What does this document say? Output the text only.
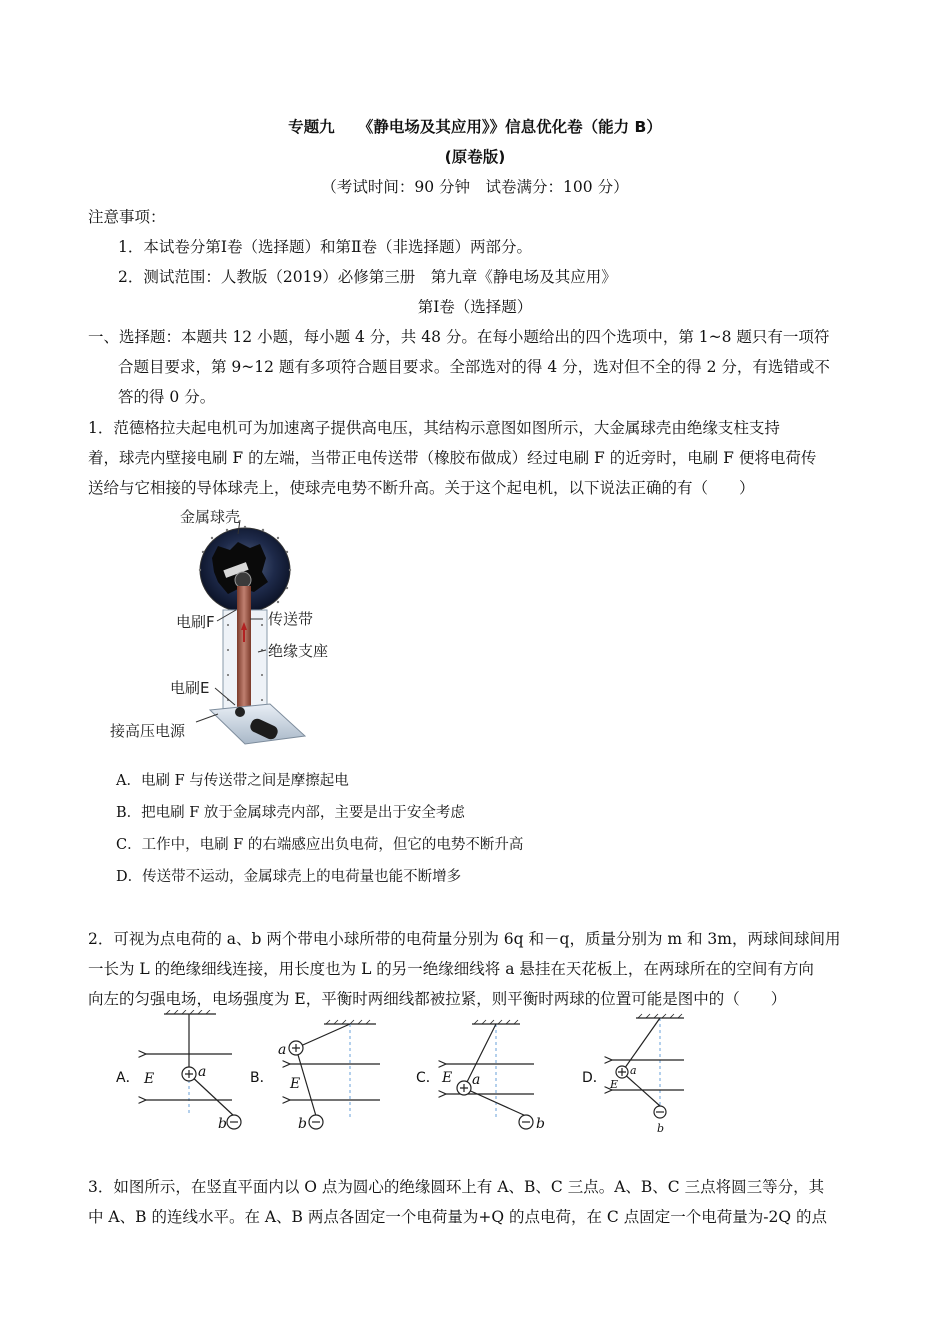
专题九　　《静电场及其应用》》信息优化卷（能力 B）
(原卷版)
（考试时间：90 分钟　试卷满分：100 分）
注意事项：
1．本试卷分第Ⅰ卷（选择题）和第Ⅱ卷（非选择题）两部分。
2．测试范围：人教版（2019）必修第三册　第九章《静电场及其应用》
第Ⅰ卷（选择题）
一、选择题：本题共 12 小题，每小题 4 分，共 48 分。在每小题给出的四个选项中，第 1~8 题只有一项符
合题目要求，第 9~12 题有多项符合题目要求。全部选对的得 4 分，选对但不全的得 2 分，有选错或不
答的得 0 分。
1．范德格拉夫起电机可为加速离子提供高电压，其结构示意图如图所示，大金属球壳由绝缘支柱支持
着，球壳内壁接电刷 F 的左端，当带正电传送带（橡胶布做成）经过电刷 F 的近旁时，电刷 F 便将电荷传
送给与它相接的导体球壳上，使球壳电势不断升高。关于这个起电机，以下说法正确的有（　　）
金属球壳
电刷F	传送带
绝缘支座
电刷E
接高压电源
A．电刷 F 与传送带之间是摩擦起电
B．把电刷 F 放于金属球壳内部，主要是出于安全考虑
C．工作中，电刷 F 的右端感应出负电荷，但它的电势不断升高
D．传送带不运动，金属球壳上的电荷量也能不断增多
2．可视为点电荷的 a、b 两个带电小球所带的电荷量分别为 6q 和－q，质量分别为 m 和 3m，两球间球间用
一长为 L 的绝缘细线连接，用长度也为 L 的另一绝缘细线将 a 悬挂在天花板上，在两球所在的空间有方向
向左的匀强电场，电场强度为 E，平衡时两细线都被拉紧，则平衡时两球的位置可能是图中的（　　）
A． E	a
b
B． E
a
b
C． E a
b
D． E
a
b
3．如图所示，在竖直平面内以 O 点为圆心的绝缘圆环上有 A、B、C 三点。A、B、C 三点将圆三等分，其
中 A、B 的连线水平。在 A、B 两点各固定一个电荷量为+Q 的点电荷，在 C 点固定一个电荷量为-2Q 的点
